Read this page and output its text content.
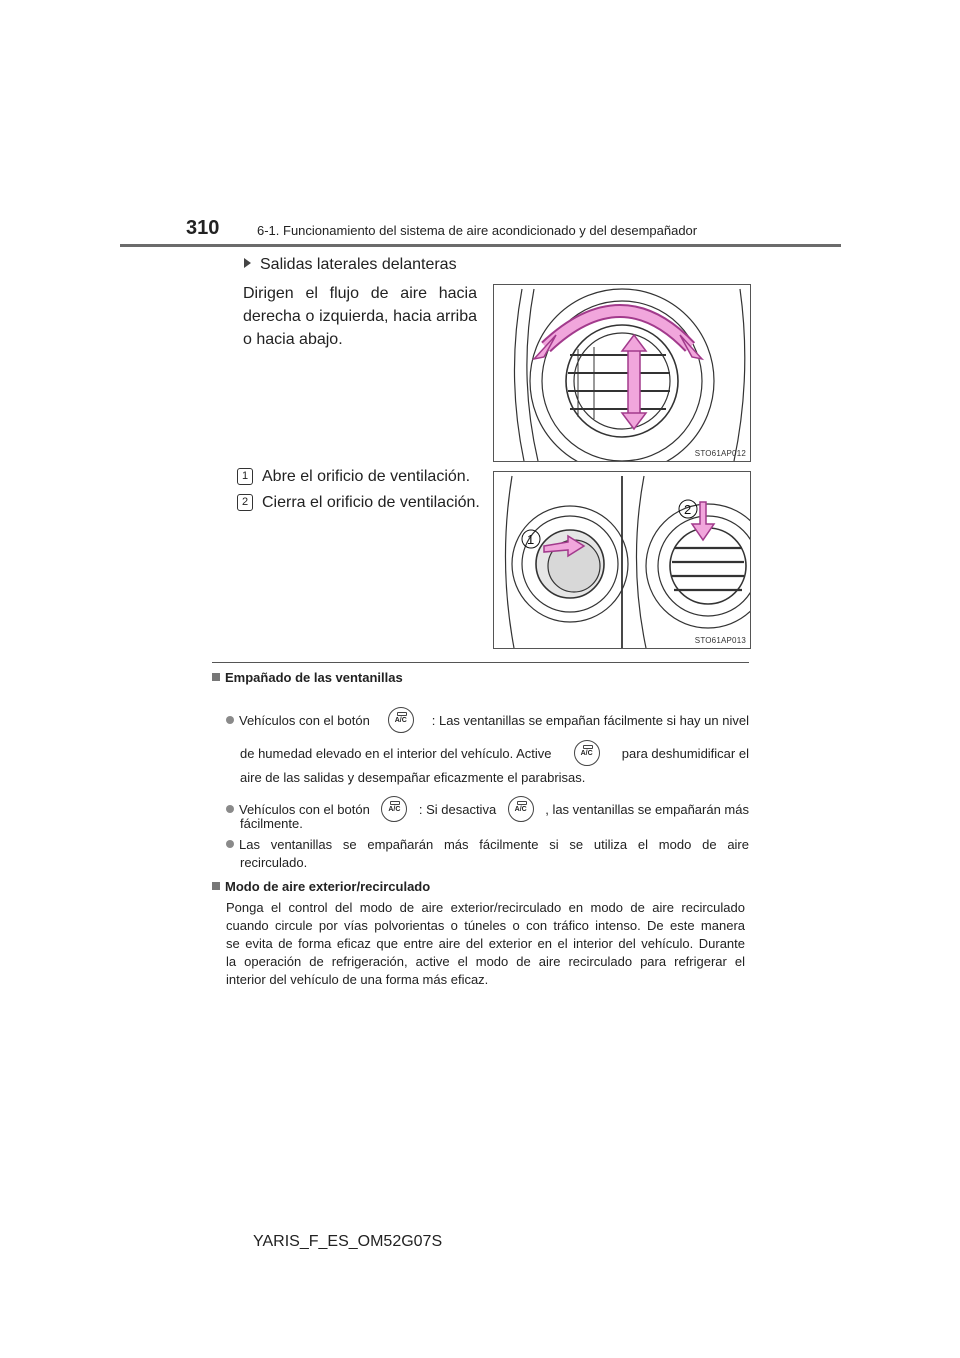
310	6-1. Funcionamiento del sistema de aire acondicionado y del desempañador
Salidas laterales delanteras
Dirigen el flujo de aire hacia derecha o izquierda, hacia arriba o hacia abajo.
STO61AP012
1 Abre el orificio de ventilación.
2 Cierra el orificio de ventilación.
1
2
STO61AP013
Empañado de las ventanillas
Vehículos con el botón	A/C	: Las ventanillas se empañan fácilmente si hay un nivel
de humedad elevado en el interior del vehículo. Active	A/C	para deshumidificar el
aire de las salidas y desempañar eficazmente el parabrisas.
Vehículos con el botón	A/C	: Si desactiva	A/C	, las ventanillas se empañarán más
fácilmente.
Las ventanillas se empañarán más fácilmente si se utiliza el modo de aire
recirculado.
Modo de aire exterior/recirculado
Ponga el control del modo de aire exterior/recirculado en modo de aire recirculado
cuando circule por vías polvorientas o túneles o con tráfico intenso. De este manera
se evita de forma eficaz que entre aire del exterior en el interior del vehículo. Durante
la operación de refrigeración, active el modo de aire recirculado para refrigerar el
interior del vehículo de una forma más eficaz.
YARIS_F_ES_OM52G07S
